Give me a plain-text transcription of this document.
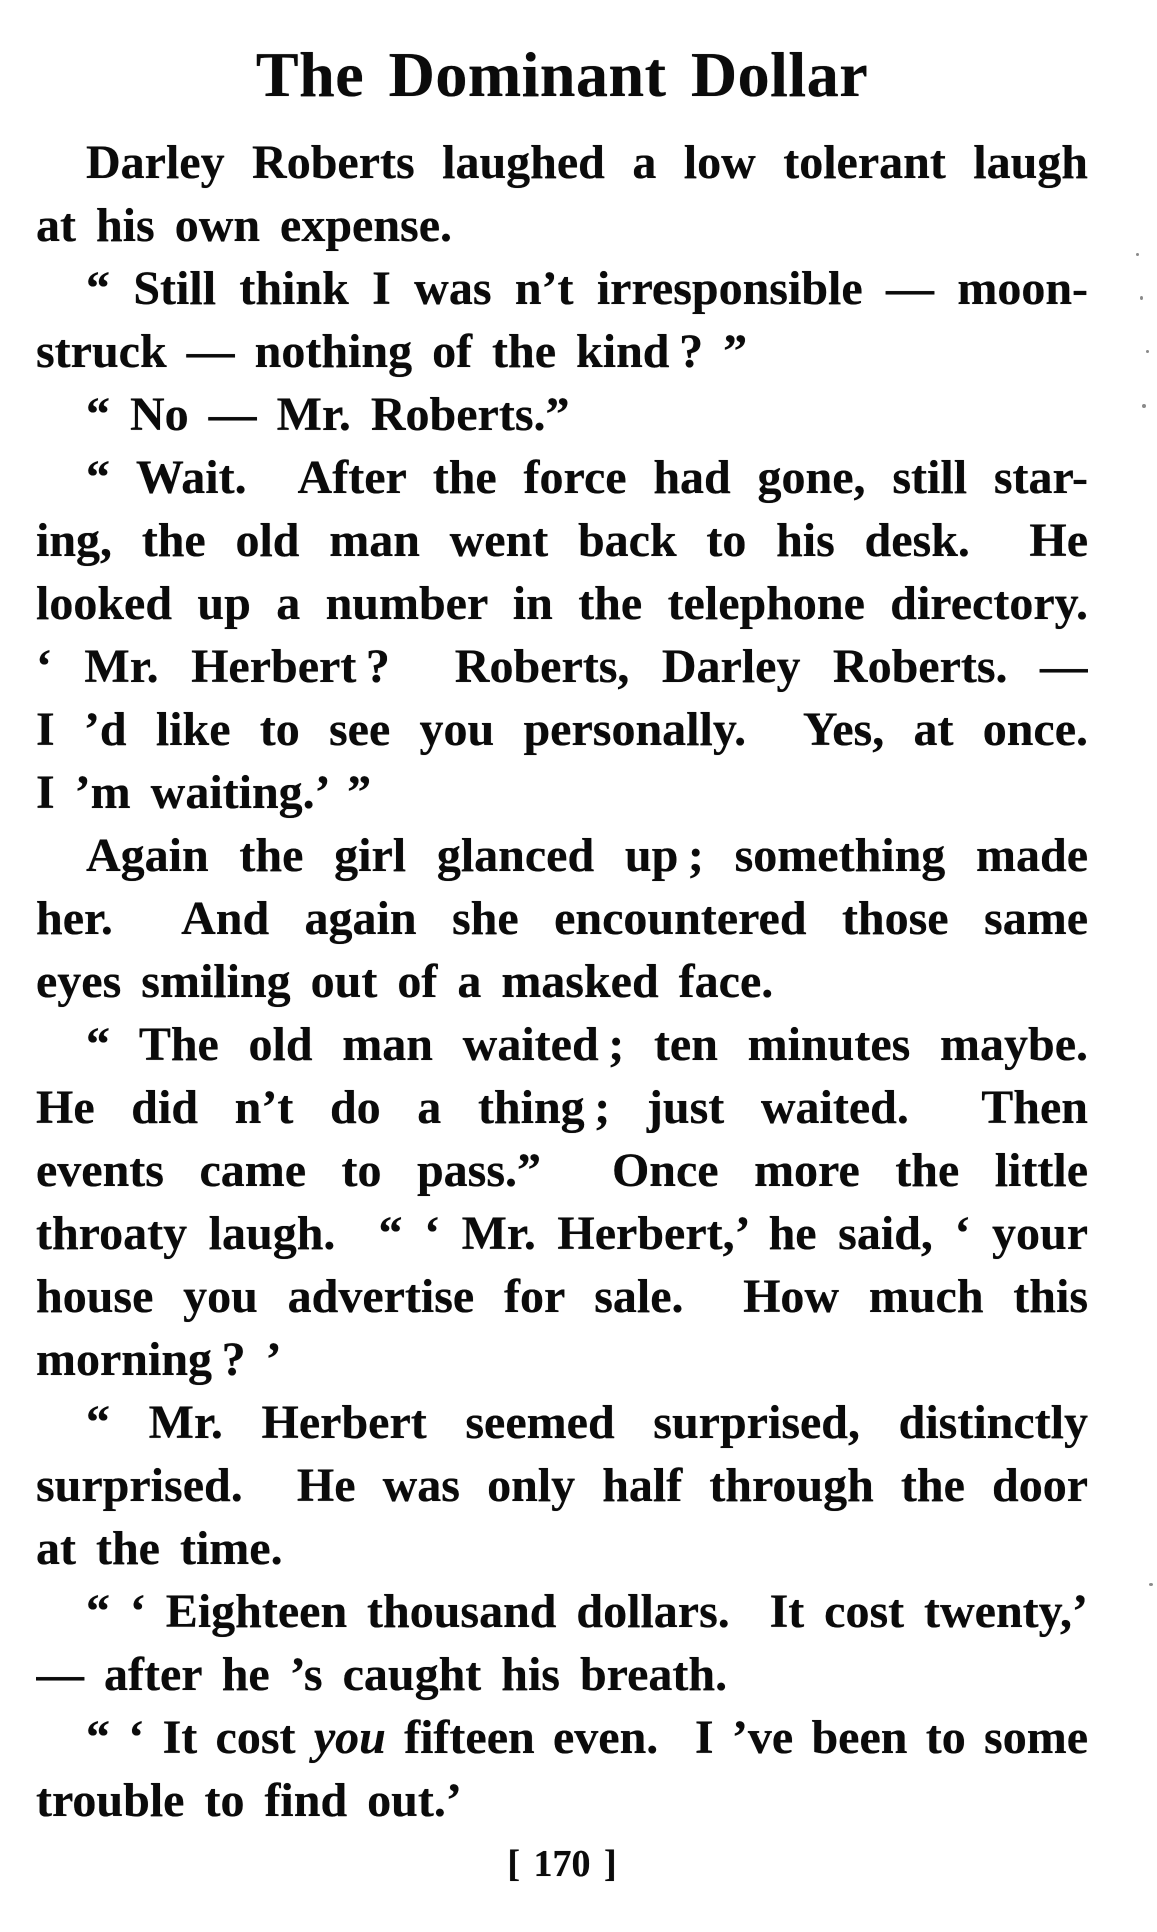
The Dominant Dollar
Darley Roberts laughed a low tolerant laugh
at his own expense.
“ Still think I was n’t irresponsible — moon-
struck — nothing of the kind ? ”
“ No — Mr. Roberts.”
“ Wait.  After the force had gone, still star-
ing, the old man went back to his desk.  He
looked up a number in the telephone directory.
‘ Mr. Herbert ?  Roberts, Darley Roberts. —
I ’d like to see you personally.  Yes, at once.
I ’m waiting.’ ”
Again the girl glanced up ; something made
her.  And again she encountered those same
eyes smiling out of a masked face.
“ The old man waited ; ten minutes maybe.
He did n’t do a thing ; just waited.  Then
events came to pass.”  Once more the little
throaty laugh.  “ ‘ Mr. Herbert,’ he said, ‘ your
house you advertise for sale.  How much this
morning ? ’
“ Mr. Herbert seemed surprised, distinctly
surprised.  He was only half through the door
at the time.
“ ‘ Eighteen thousand dollars.  It cost twenty,’
— after he ’s caught his breath.
“ ‘ It cost you fifteen even.  I ’ve been to some
trouble to find out.’
[ 170 ]
